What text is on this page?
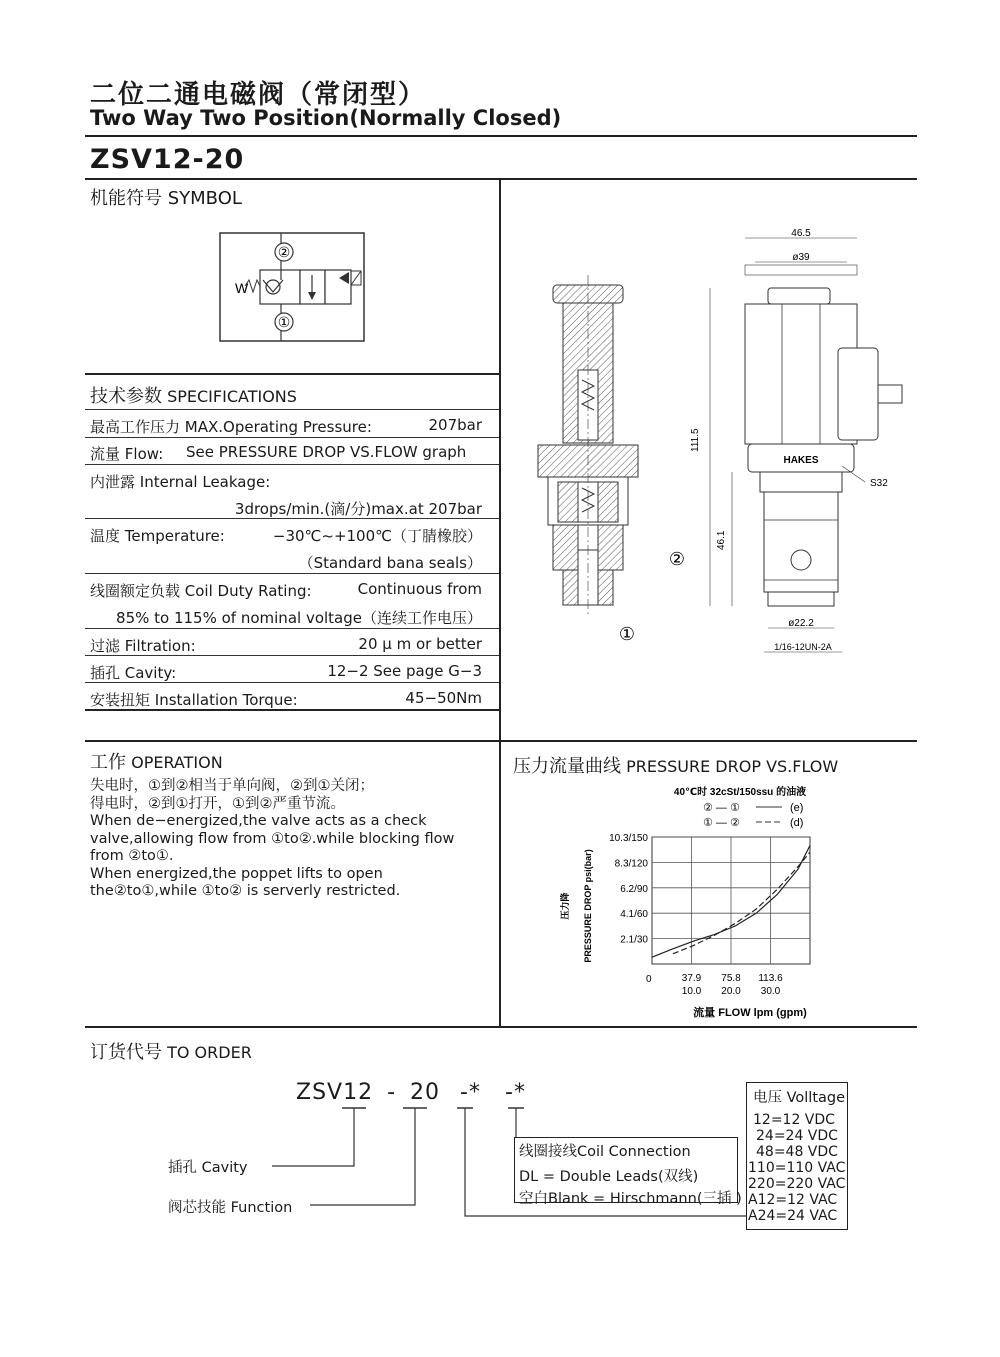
二位二通电磁阀（常闭型）
Two Way Two Position(Normally Closed)
ZSV12-20
机能符号 SYMBOL
②
①
W
技术参数 SPECIFICATIONS
最高工作压力 MAX.Operating Pressure:	207bar
流量 Flow: See PRESSURE DROP VS.FLOW graph
内泄露 Internal Leakage:
3drops/min.(滴/分)max.at 207bar
温度 Temperature:	−30℃~+100℃（丁腈橡胶）
（Standard bana seals）
线圈额定负载 Coil Duty Rating:	Continuous from
85% to 115% of nominal voltage（连续工作电压）
过滤 Filtration:	20 μ m or better
插孔 Cavity:	12−2 See page G−3
安装扭矩 Installation Torque:	45−50Nm
①
②
HAKES
46.5
ø39
111.5
46.1
ø22.2
1/16-12UN-2A
S32
工作 OPERATION
失电时，①到②相当于单向阀，②到①关闭；
得电时，②到①打开，①到②严重节流。
When de−energized,the valve acts as a check
valve,allowing flow from ①to②.while blocking flow
from ②to①.
When energized,the poppet lifts to open
the②to①,while ①to② is serverly restricted.
压力流量曲线 PRESSURE DROP VS.FLOW
40℃时 32cSt/150ssu 的油液
② — ①	(e)
① — ②	(d)
压力降 PRESSURE DROP psi(bar)
0
流量 FLOW lpm (gpm)
2.1/30
4.1/60
6.2/90
8.3/120
10.3/150
37.9
10.0
75.8
20.0
113.6
30.0
订货代号 TO ORDER
ZSV12 - 20 -* -*
插孔 Cavity
阀芯技能 Function
线圈接线Coil Connection
DL = Double Leads(双线)
空白Blank = Hirschmann(三插 )
电压 Volltage
12=12 VDC
24=24 VDC
48=48 VDC
110=110 VAC
220=220 VAC
A12=12 VAC
A24=24 VAC
